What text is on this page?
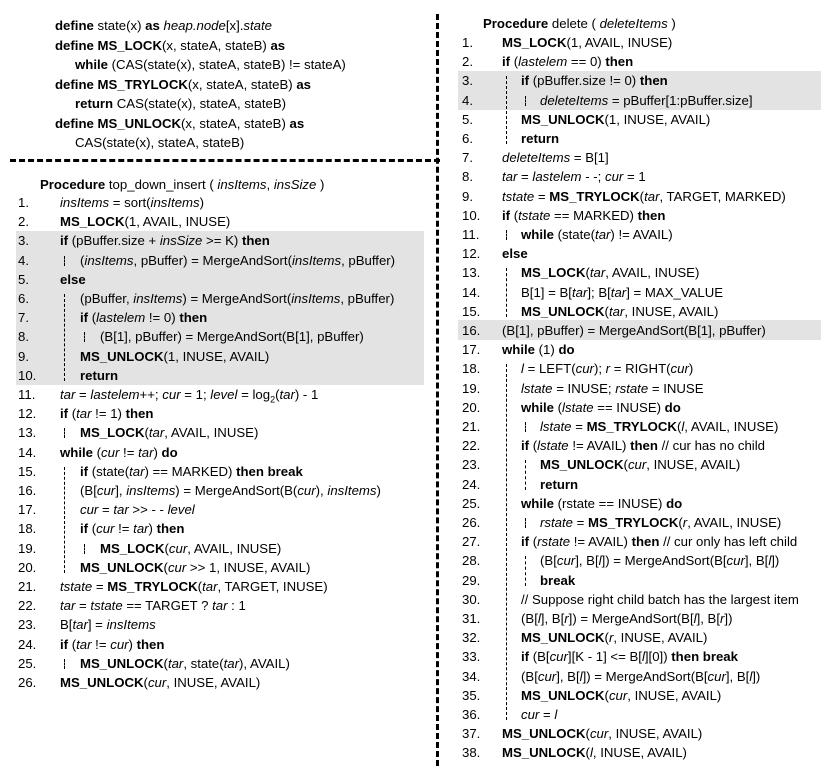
define state(x) as heap.node[x].state
define MS_LOCK(x, stateA, stateB) as
while (CAS(state(x), stateA, stateB) != stateA)
define MS_TRYLOCK(x, stateA, stateB) as
return CAS(state(x), stateA, stateB)
define MS_UNLOCK(x, stateA, stateB) as
CAS(state(x), stateA, stateB)
Procedure top_down_insert ( insItems, insSize )
1. insItems = sort(insItems)
2. MS_LOCK(1, AVAIL, INUSE)
3. if (pBuffer.size + insSize >= K) then
4.	(insItems, pBuffer) = MergeAndSort(insItems, pBuffer)
5. else
6.	(pBuffer, insItems) = MergeAndSort(insItems, pBuffer)
7.	if (lastelem != 0) then
8.	(B[1], pBuffer) = MergeAndSort(B[1], pBuffer)
9.	MS_UNLOCK(1, INUSE, AVAIL)
10.	return
11. tar = lastelem++; cur = 1; level = $\log_2(tar) - 1$
12. if (tar != 1) then
13.	MS_LOCK(tar, AVAIL, INUSE)
14. while (cur != tar) do
15.	if (state(tar) == MARKED) then break
16.	(B[cur], insItems) = MergeAndSort(B(cur), insItems)
17.	cur = tar >> - - level
18.	if (cur != tar) then
19.	MS_LOCK(cur, AVAIL, INUSE)
20.	MS_UNLOCK(cur >> 1, INUSE, AVAIL)
21. tstate = MS_TRYLOCK(tar, TARGET, INUSE)
22. tar = tstate == TARGET ? tar : 1
23. B[tar] = insItems
24. if (tar != cur) then
25.	MS_UNLOCK(tar, state(tar), AVAIL)
26. MS_UNLOCK(cur, INUSE, AVAIL)
Procedure delete ( deleteItems )
1. MS_LOCK(1, AVAIL, INUSE)
2. if (lastelem == 0) then
3.	if (pBuffer.size != 0) then
4.	deleteItems = pBuffer[1:pBuffer.size]
5.	MS_UNLOCK(1, INUSE, AVAIL)
6.	return
7. deleteItems = B[1]
8. tar = lastelem - -; cur = 1
9. tstate = MS_TRYLOCK(tar, TARGET, MARKED)
10. if (tstate == MARKED) then
11.	while (state(tar) != AVAIL)
12. else
13.	MS_LOCK(tar, AVAIL, INUSE)
14.	B[1] = B[tar]; B[tar] = MAX_VALUE
15.	MS_UNLOCK(tar, INUSE, AVAIL)
16. (B[1], pBuffer) = MergeAndSort(B[1], pBuffer)
17. while (1) do
18.	l = LEFT(cur); r = RIGHT(cur)
19.	lstate = INUSE; rstate = INUSE
20.	while (lstate == INUSE) do
21.	lstate = MS_TRYLOCK(l, AVAIL, INUSE)
22.	if (lstate != AVAIL) then // cur has no child
23.	MS_UNLOCK(cur, INUSE, AVAIL)
24.	return
25.	while (rstate == INUSE) do
26.	rstate = MS_TRYLOCK(r, AVAIL, INUSE)
27.	if (rstate != AVAIL) then // cur only has left child
28.	(B[cur], B[l]) = MergeAndSort(B[cur], B[l])
29.	break
30.	// Suppose right child batch has the largest item
31.	(B[l], B[r]) = MergeAndSort(B[l], B[r])
32.	MS_UNLOCK(r, INUSE, AVAIL)
33.	if (B[cur][K - 1] <= B[l][0]) then break
34.	(B[cur], B[l]) = MergeAndSort(B[cur], B[l])
35.	MS_UNLOCK(cur, INUSE, AVAIL)
36.	cur = l
37. MS_UNLOCK(cur, INUSE, AVAIL)
38. MS_UNLOCK(l, INUSE, AVAIL)
